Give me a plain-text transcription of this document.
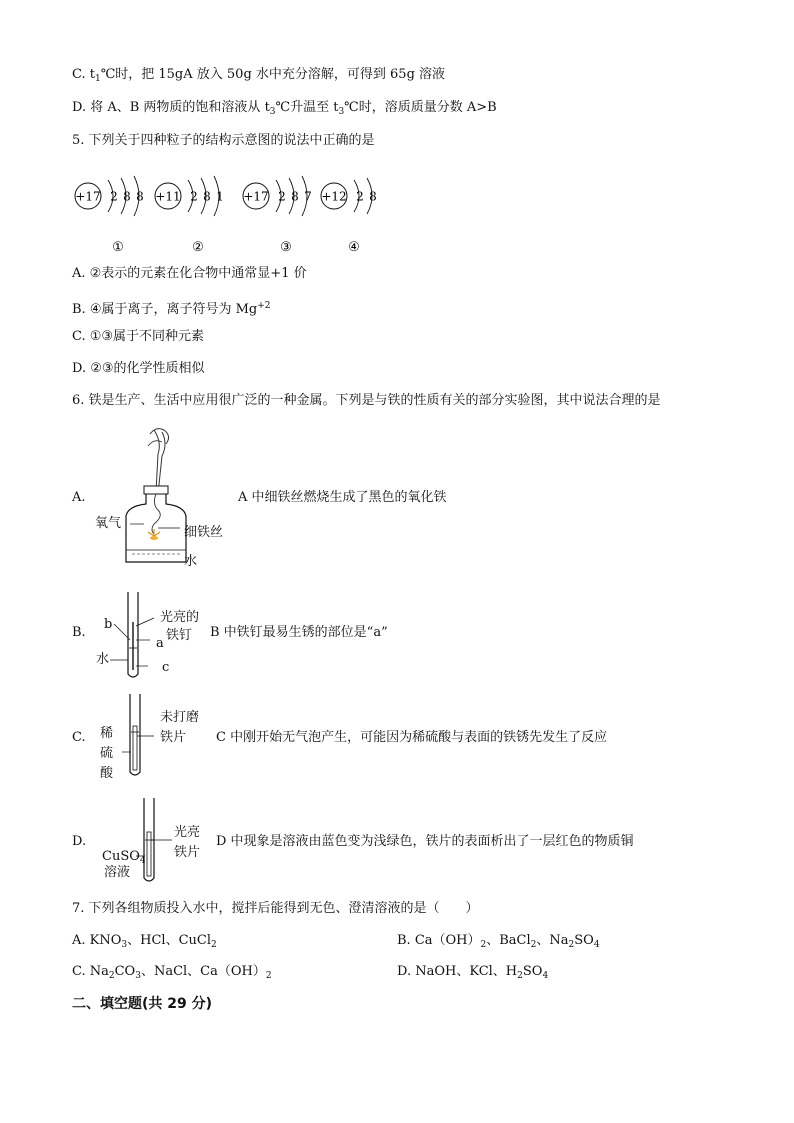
C. $t_1℃$时，把 15gA 放入 50g 水中充分溶解，可得到 65g 溶液
D. 将 A、B 两物质的饱和溶液从 $t_3℃$升温至 $t_3℃$时，溶质质量分数 A>B
5. 下列关于四种粒子的结构示意图的说法中正确的是
+17 2 8 8
①
+11 2 8 1
②
+17 2 8 7
③
+12 2 8
④
A. ②表示的元素在化合物中通常显+1 价
B. ④属于离子，离子符号为 $Mg^{+2}$
C. ①③属于不同种元素
D. ②③的化学性质相似
6. 铁是生产、生活中应用很广泛的一种金属。下列是与铁的性质有关的部分实验图，其中说法合理的是
A.
氧气
细铁丝
水
A 中细铁丝燃烧生成了黑色的氧化铁
B.
b
a
c
水
光亮的
铁钉 B 中铁钉最易生锈的部位是“a”
C. 稀
硫
酸
未打磨
铁片 C 中刚开始无气泡产生，可能因为稀硫酸与表面的铁锈先发生了反应
D.
光亮
铁片
CuSO$_4$
溶液
D 中现象是溶液由蓝色变为浅绿色，铁片的表面析出了一层红色的物质铜
7. 下列各组物质投入水中，搅拌后能得到无色、澄清溶液的是（　　）
A. $KNO_3$、HCl、CuCl$_2$	B. $Ca(OH)_2$、BaCl$_2$、$Na_2SO_4$
C. $Na_2CO_3$、NaCl、$Ca(OH)_2$	D. NaOH、KCl、$H_2SO_4$
二、填空题(共 29 分)
